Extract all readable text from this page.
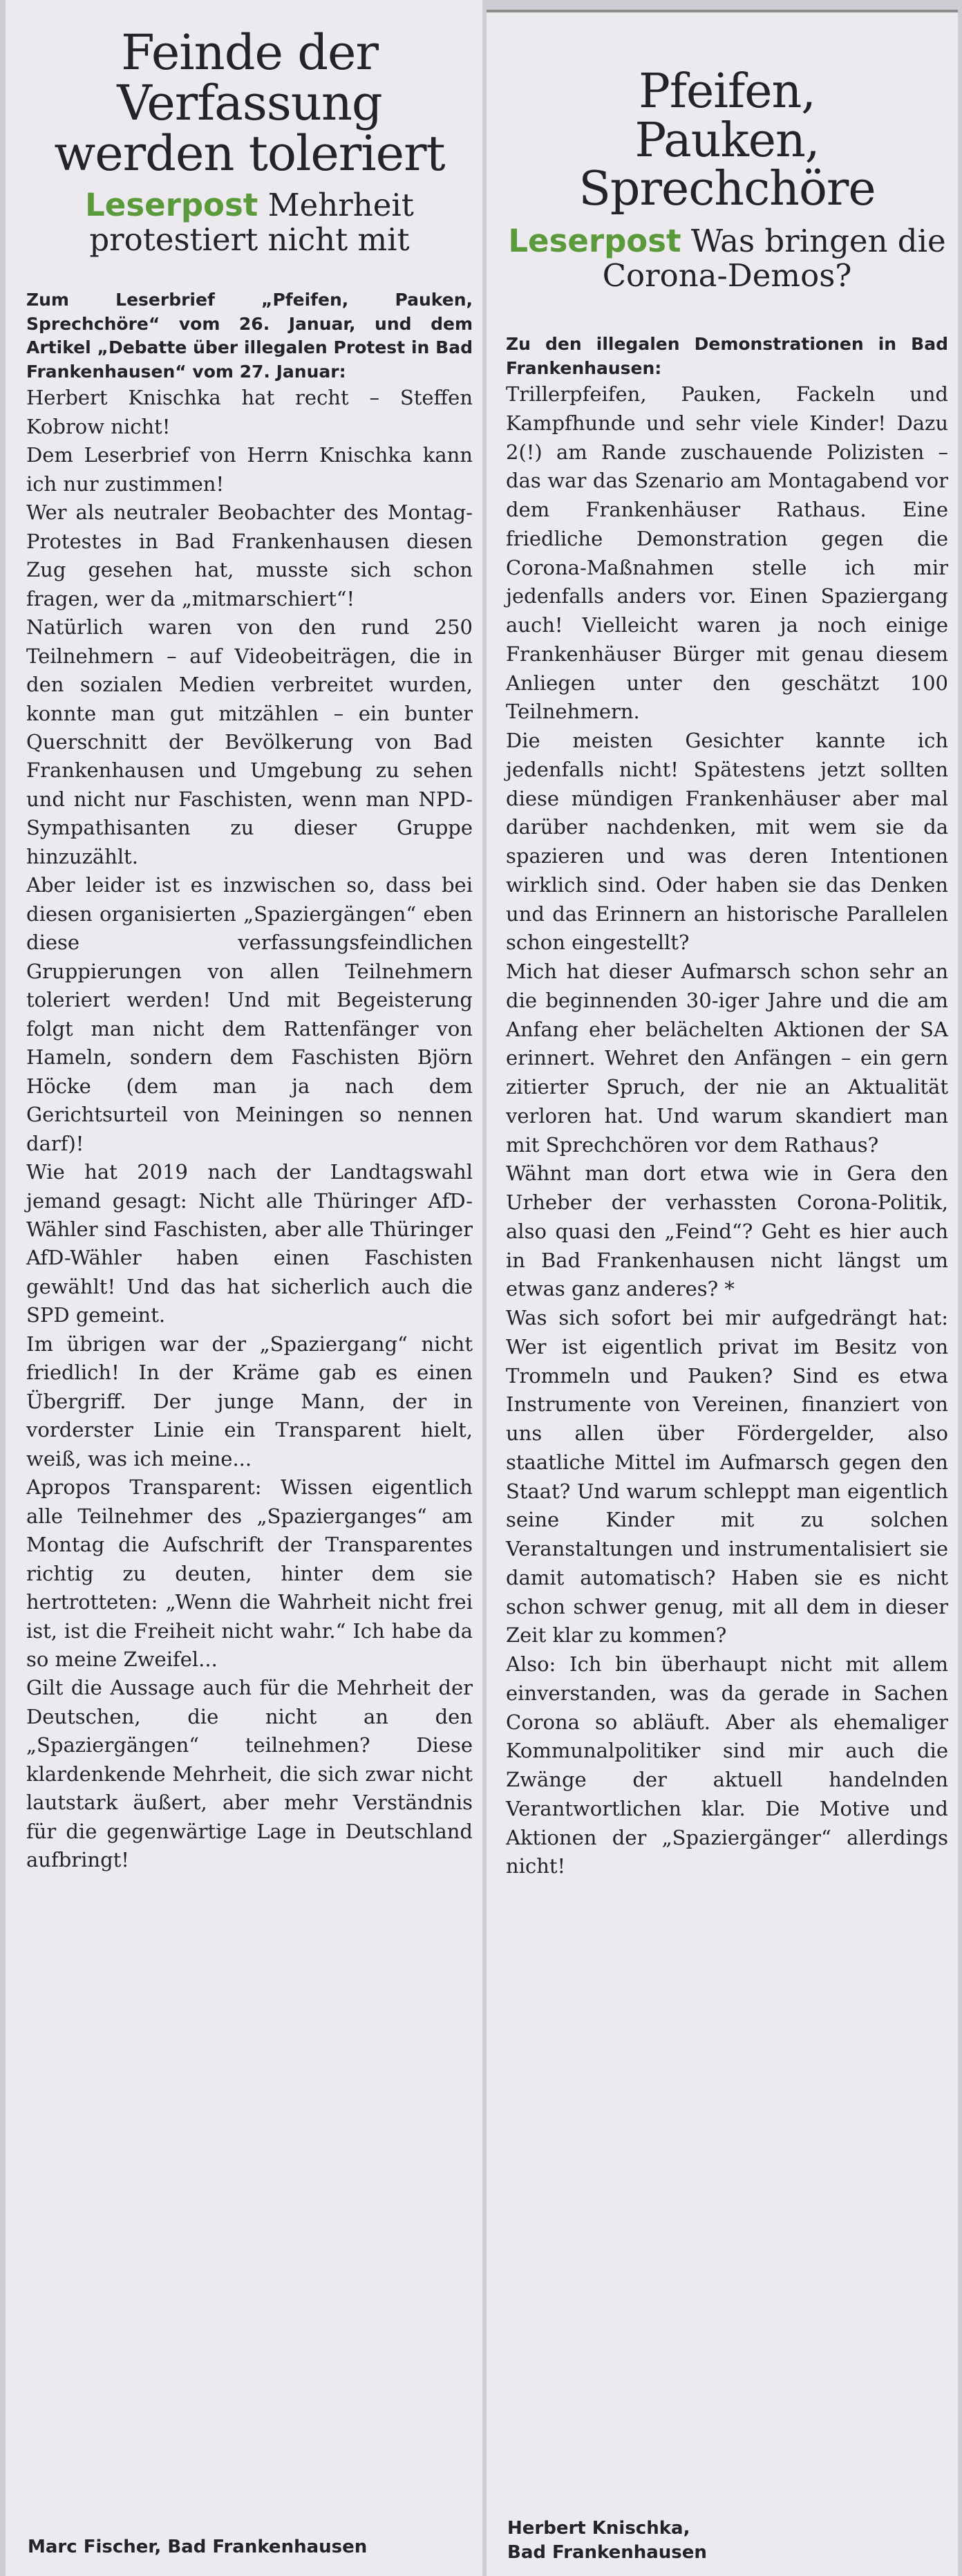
Feinde der
Verfassung
werden toleriert

Leserpost Mehrheit protestiert nicht mit

Zum Leserbrief „Pfeifen, Pauken, Sprechchöre“ vom 26. Januar, und dem Artikel „Debatte über illegalen Protest in Bad Frankenhausen“ vom 27. Januar:

Herbert Knischka hat recht – Steffen Kobrow nicht!

Dem Leserbrief von Herrn Knischka kann ich nur zustimmen!

Wer als neutraler Beobachter des Montag-Protestes in Bad Frankenhausen diesen Zug gesehen hat, musste sich schon fragen, wer da „mitmarschiert“!

Natürlich waren von den rund 250 Teilnehmern – auf Videobeiträgen, die in den sozialen Medien verbreitet wurden, konnte man gut mitzählen – ein bunter Querschnitt der Bevölkerung von Bad Frankenhausen und Umgebung zu sehen und nicht nur Faschisten, wenn man NPD-Sympathisanten zu dieser Gruppe hinzuzählt.

Aber leider ist es inzwischen so, dass bei diesen organisierten „Spaziergängen“ eben diese verfassungsfeindlichen Gruppierungen von allen Teilnehmern toleriert werden! Und mit Begeisterung folgt man nicht dem Rattenfänger von Hameln, sondern dem Faschisten Björn Höcke (dem man ja nach dem Gerichtsurteil von Meiningen so nennen darf)!

Wie hat 2019 nach der Landtagswahl jemand gesagt: Nicht alle Thüringer AfD-Wähler sind Faschisten, aber alle Thüringer AfD-Wähler haben einen Faschisten gewählt! Und das hat sicherlich auch die SPD gemeint.

Im übrigen war der „Spaziergang“ nicht friedlich! In der Kräme gab es einen Übergriff. Der junge Mann, der in vorderster Linie ein Transparent hielt, weiß, was ich meine...

Apropos Transparent: Wissen eigentlich alle Teilnehmer des „Spazierganges“ am Montag die Aufschrift der Transparentes richtig zu deuten, hinter dem sie hertrotteten: „Wenn die Wahrheit nicht frei ist, ist die Freiheit nicht wahr.“ Ich habe da so meine Zweifel...

Gilt die Aussage auch für die Mehrheit der Deutschen, die nicht an den „Spaziergängen“ teilnehmen? Diese klardenkende Mehrheit, die sich zwar nicht lautstark äußert, aber mehr Verständnis für die gegenwärtige Lage in Deutschland aufbringt!

Marc Fischer, Bad Frankenhausen
Pfeifen,
Pauken,
Sprechchöre

Leserpost Was bringen die Corona-Demos?

Zu den illegalen Demonstrationen in Bad Frankenhausen:

Trillerpfeifen, Pauken, Fackeln und Kampfhunde und sehr viele Kinder! Dazu 2(!) am Rande zuschauende Polizisten – das war das Szenario am Montagabend vor dem Frankenhäuser Rathaus. Eine friedliche Demonstration gegen die Corona-Maßnahmen stelle ich mir jedenfalls anders vor. Einen Spaziergang auch! Vielleicht waren ja noch einige Frankenhäuser Bürger mit genau diesem Anliegen unter den geschätzt 100 Teilnehmern.

Die meisten Gesichter kannte ich jedenfalls nicht! Spätestens jetzt sollten diese mündigen Frankenhäuser aber mal darüber nachdenken, mit wem sie da spazieren und was deren Intentionen wirklich sind. Oder haben sie das Denken und das Erinnern an historische Parallelen schon eingestellt?

Mich hat dieser Aufmarsch schon sehr an die beginnenden 30-iger Jahre und die am Anfang eher belächelten Aktionen der SA erinnert. Wehret den Anfängen – ein gern zitierter Spruch, der nie an Aktualität verloren hat. Und warum skandiert man mit Sprechchören vor dem Rathaus?

Wähnt man dort etwa wie in Gera den Urheber der verhassten Corona-Politik, also quasi den „Feind“? Geht es hier auch in Bad Frankenhausen nicht längst um etwas ganz anderes? *

Was sich sofort bei mir aufgedrängt hat: Wer ist eigentlich privat im Besitz von Trommeln und Pauken? Sind es etwa Instrumente von Vereinen, finanziert von uns allen über Fördergelder, also staatliche Mittel im Aufmarsch gegen den Staat? Und warum schleppt man eigentlich seine Kinder mit zu solchen Veranstaltungen und instrumentalisiert sie damit automatisch? Haben sie es nicht schon schwer genug, mit all dem in dieser Zeit klar zu kommen?

Also: Ich bin überhaupt nicht mit allem einverstanden, was da gerade in Sachen Corona so abläuft. Aber als ehemaliger Kommunalpolitiker sind mir auch die Zwänge der aktuell handelnden Verantwortlichen klar. Die Motive und Aktionen der „Spaziergänger“ allerdings nicht!

Herbert Knischka,
Bad Frankenhausen
